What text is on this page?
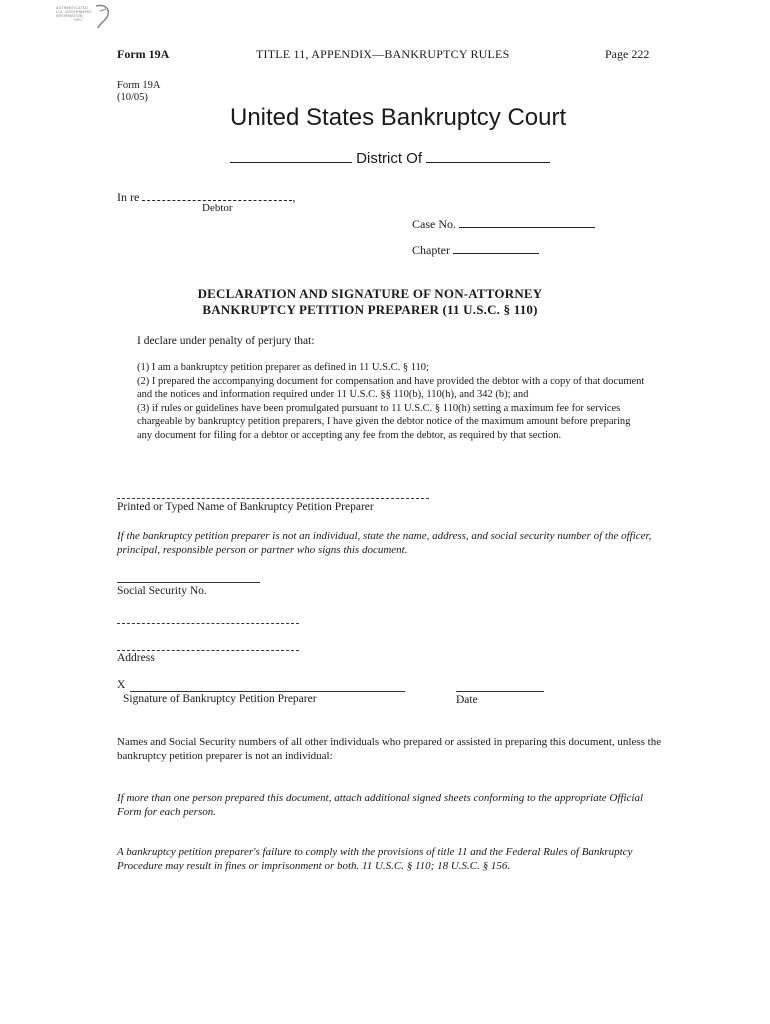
AUTHENTICATED
U.S. GOVERNMENT
INFORMATION
GPO
Form 19A	TITLE 11, APPENDIX—BANKRUPTCY RULES	Page 222
Form 19A
(10/05)
United States Bankruptcy Court
District Of
In re	,
Debtor
Case No.
Chapter
DECLARATION AND SIGNATURE OF NON-ATTORNEY
BANKRUPTCY PETITION PREPARER (11 U.S.C. § 110)
I declare under penalty of perjury that:

(1) I am a bankruptcy petition preparer as defined in 11 U.S.C. § 110;

(2) I prepared the accompanying document for compensation and have provided the debtor with a copy of that document and the notices and information required under 11 U.S.C. §§ 110(b), 110(h), and 342 (b); and

(3) if rules or guidelines have been promulgated pursuant to 11 U.S.C. § 110(h) setting a maximum fee for services chargeable by bankruptcy petition preparers, I have given the debtor notice of the maximum amount before preparing any document for filing for a debtor or accepting any fee from the debtor, as required by that section.

Printed or Typed Name of Bankruptcy Petition Preparer
If the bankruptcy petition preparer is not an individual, state the name, address, and social security number of the officer, principal, responsible person or partner who signs this document.
Social Security No.
Address
X
Signature of Bankruptcy Petition Preparer	Date
Names and Social Security numbers of all other individuals who prepared or assisted in preparing this document, unless the bankruptcy petition preparer is not an individual:
If more than one person prepared this document, attach additional signed sheets conforming to the appropriate Official Form for each person.
A bankruptcy petition preparer's failure to comply with the provisions of title 11 and the Federal Rules of Bankruptcy Procedure may result in fines or imprisonment or both. 11 U.S.C. § 110; 18 U.S.C. § 156.
